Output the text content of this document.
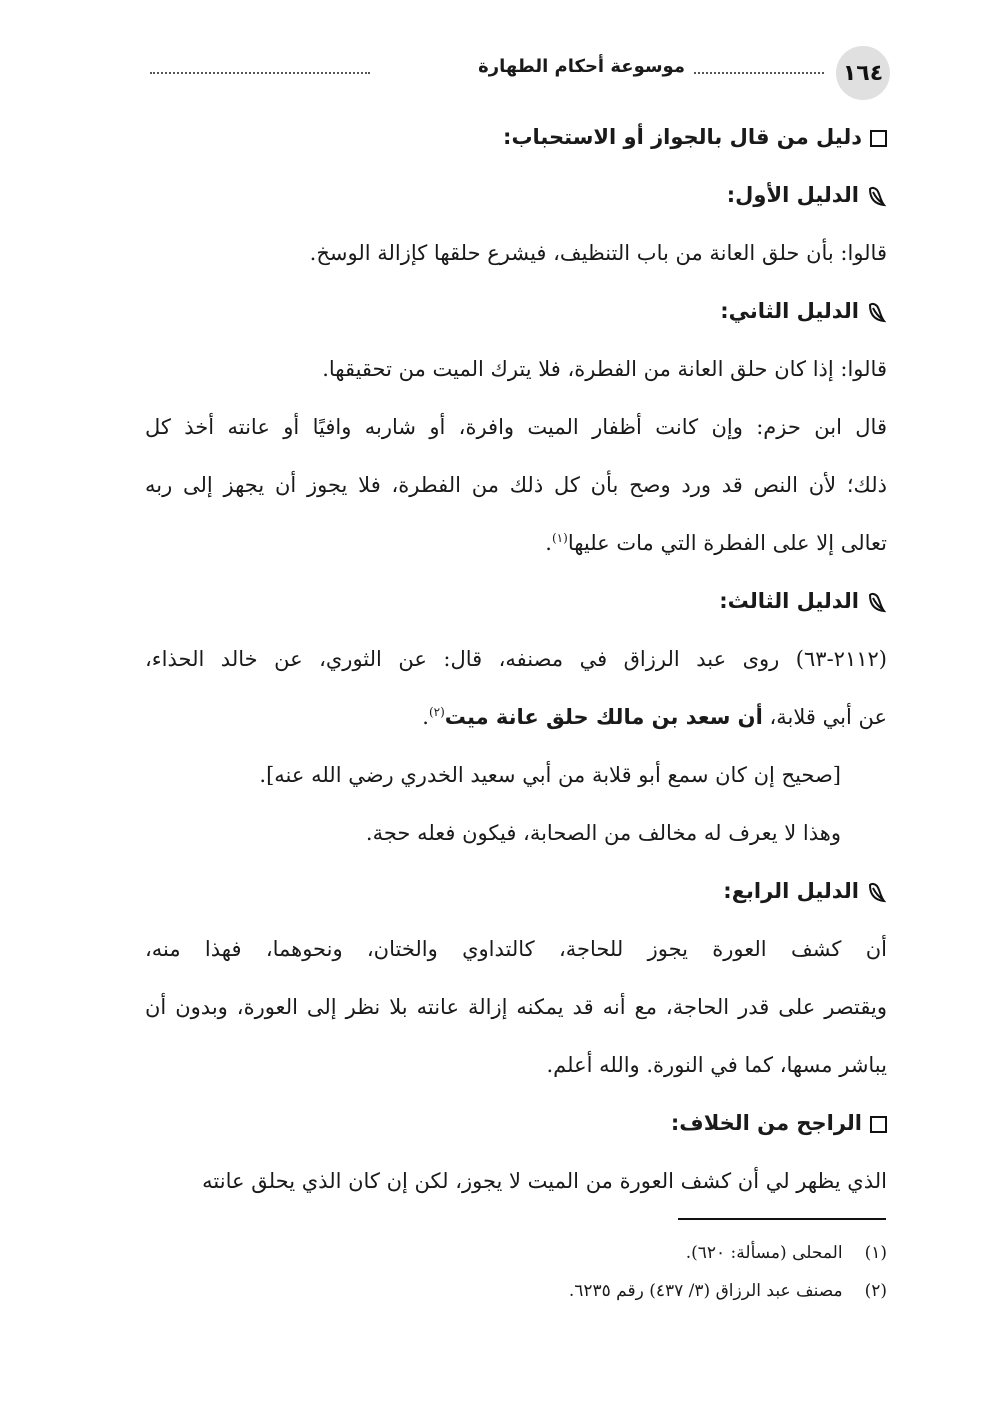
١٦٤
موسوعة أحكام الطهارة
دليل من قال بالجواز أو الاستحباب:
الدليل الأول:
قالوا: بأن حلق العانة من باب التنظيف، فيشرع حلقها كإزالة الوسخ.
الدليل الثاني:
قالوا: إذا كان حلق العانة من الفطرة، فلا يترك الميت من تحقيقها.
قال ابن حزم: وإن كانت أظفار الميت وافرة، أو شاربه وافيًا أو عانته أخذ كل
ذلك؛ لأن النص قد ورد وصح بأن كل ذلك من الفطرة، فلا يجوز أن يجهز إلى ربه
تعالى إلا على الفطرة التي مات عليها$^{(١)}$.
الدليل الثالث:
(٢١١٢-٦٣) روى عبد الرزاق في مصنفه، قال: عن الثوري، عن خالد الحذاء،
عن أبي قلابة، أن سعد بن مالك حلق عانة ميت$^{(٢)}$.
[صحيح إن كان سمع أبو قلابة من أبي سعيد الخدري رضي الله عنه].
وهذا لا يعرف له مخالف من الصحابة، فيكون فعله حجة.
الدليل الرابع:
أن كشف العورة يجوز للحاجة، كالتداوي والختان، ونحوهما، فهذا منه،
ويقتصر على قدر الحاجة، مع أنه قد يمكنه إزالة عانته بلا نظر إلى العورة، وبدون أن
يباشر مسها، كما في النورة. والله أعلم.
الراجح من الخلاف:
الذي يظهر لي أن كشف العورة من الميت لا يجوز، لكن إن كان الذي يحلق عانته
(١)المحلى (مسألة: ٦٢٠).
(٢)مصنف عبد الرزاق (٣/ ٤٣٧) رقم ٦٢٣٥.
